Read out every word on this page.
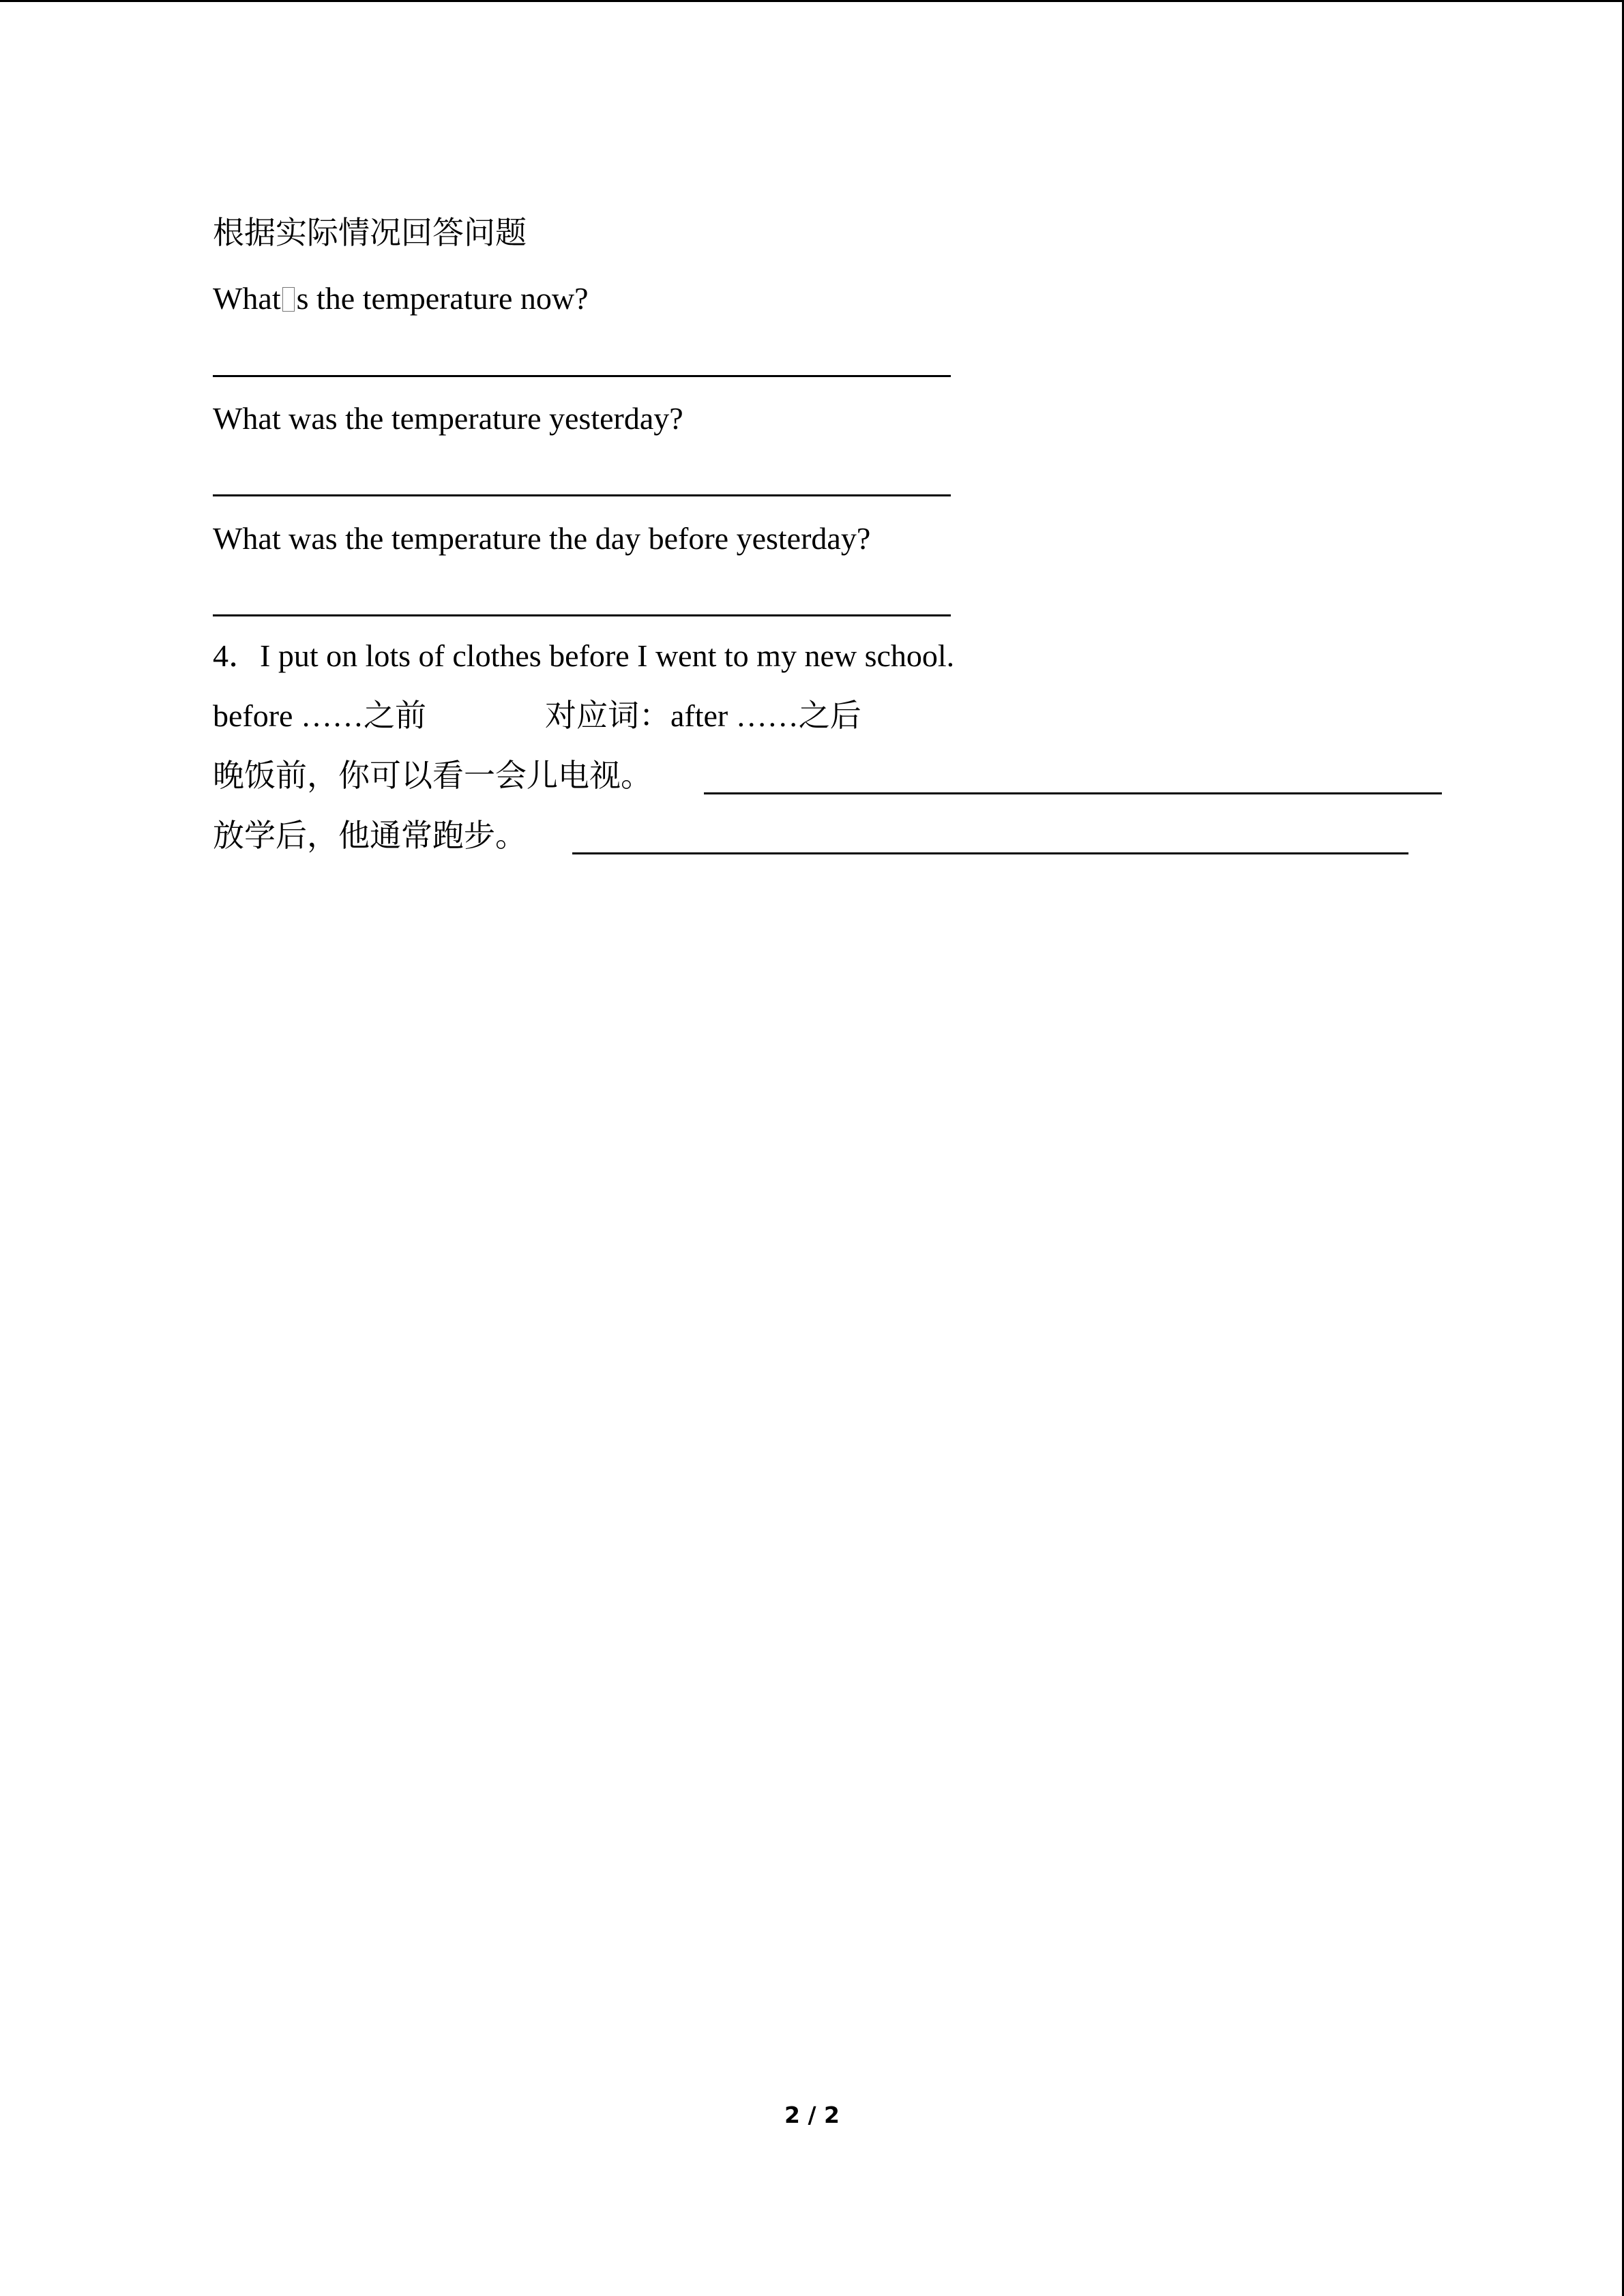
根据实际情况回答问题
What s the temperature now?
What was the temperature yesterday?
What was the temperature the day before yesterday?
4．I put on lots of clothes before I went to my new school.
before ……之前	对应词：after ……之后
晚饭前，你可以看一会儿电视。
放学后，他通常跑步。
2 / 2
